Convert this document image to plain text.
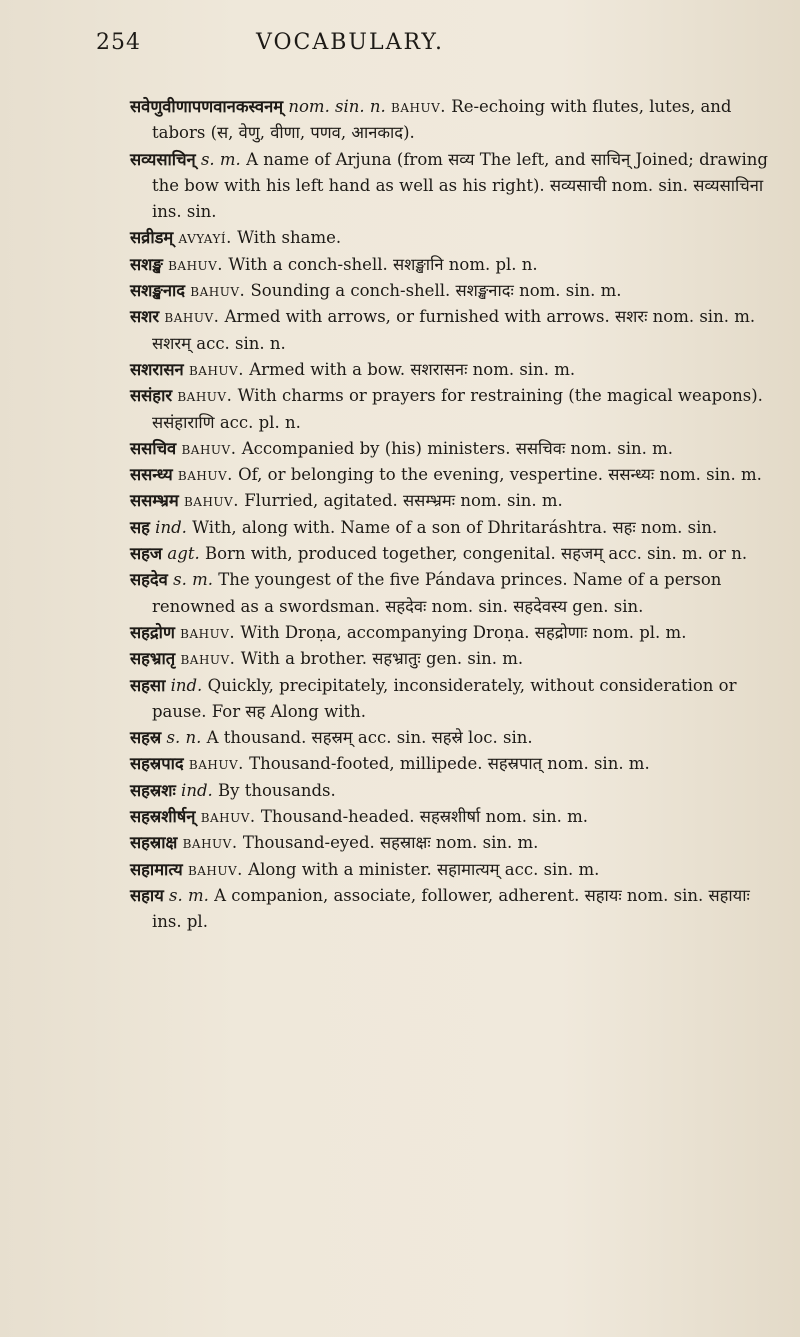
254	VOCABULARY.

सवेणुवीणापणवानकस्वनम् nom. sin. n. bahuv. Re-echoing with flutes, lutes, and tabors (स, वेणु, वीणा, पणव, आनकाद).

सव्यसाचिन् s. m. A name of Arjuna (from सव्य The left, and साचिन् Joined; drawing the bow with his left hand as well as his right). सव्यसाची nom. sin. सव्यसाचिना ins. sin.

सव्रीडम् avyayí. With shame.

सशङ्ख bahuv. With a conch-shell. सशङ्खानि nom. pl. n.

सशङ्खनाद bahuv. Sounding a conch-shell. सशङ्खनादः nom. sin. m.

सशर bahuv. Armed with arrows, or furnished with arrows. सशरः nom. sin. m. सशरम् acc. sin. n.

सशरासन bahuv. Armed with a bow. सशरासनः nom. sin. m.

ससंहार bahuv. With charms or prayers for restraining (the magical weapons). ससंहाराणि acc. pl. n.

ससचिव bahuv. Accompanied by (his) ministers. ससचिवः nom. sin. m.

ससन्ध्य bahuv. Of, or belonging to the evening, vespertine. ससन्ध्यः nom. sin. m.

ससम्भ्रम bahuv. Flurried, agitated. ससम्भ्रमः nom. sin. m.

सह ind. With, along with. Name of a son of Dhritaráshtra. सहः nom. sin.

सहज agt. Born with, produced together, congenital. सहजम् acc. sin. m. or n.

सहदेव s. m. The youngest of the five Pándava princes. Name of a person renowned as a swordsman. सहदेवः nom. sin. सहदेवस्य gen. sin.

सहद्रोण bahuv. With Droṇa, accompanying Droṇa. सहद्रोणाः nom. pl. m.

सहभ्रातृ bahuv. With a brother. सहभ्रातुः gen. sin. m.

सहसा ind. Quickly, precipitately, inconsiderately, without consideration or pause. For सह Along with.

सहस्र s. n. A thousand. सहस्रम् acc. sin. सहस्रे loc. sin.

सहस्रपाद bahuv. Thousand-footed, millipede. सहस्रपात् nom. sin. m.

सहस्रशः ind. By thousands.

सहस्रशीर्षन् bahuv. Thousand-headed. सहस्रशीर्षा nom. sin. m.

सहस्राक्ष bahuv. Thousand-eyed. सहस्राक्षः nom. sin. m.

सहामात्य bahuv. Along with a minister. सहामात्यम् acc. sin. m.

सहाय s. m. A companion, associate, follower, adherent. सहायः nom. sin. सहायाः ins. pl.
